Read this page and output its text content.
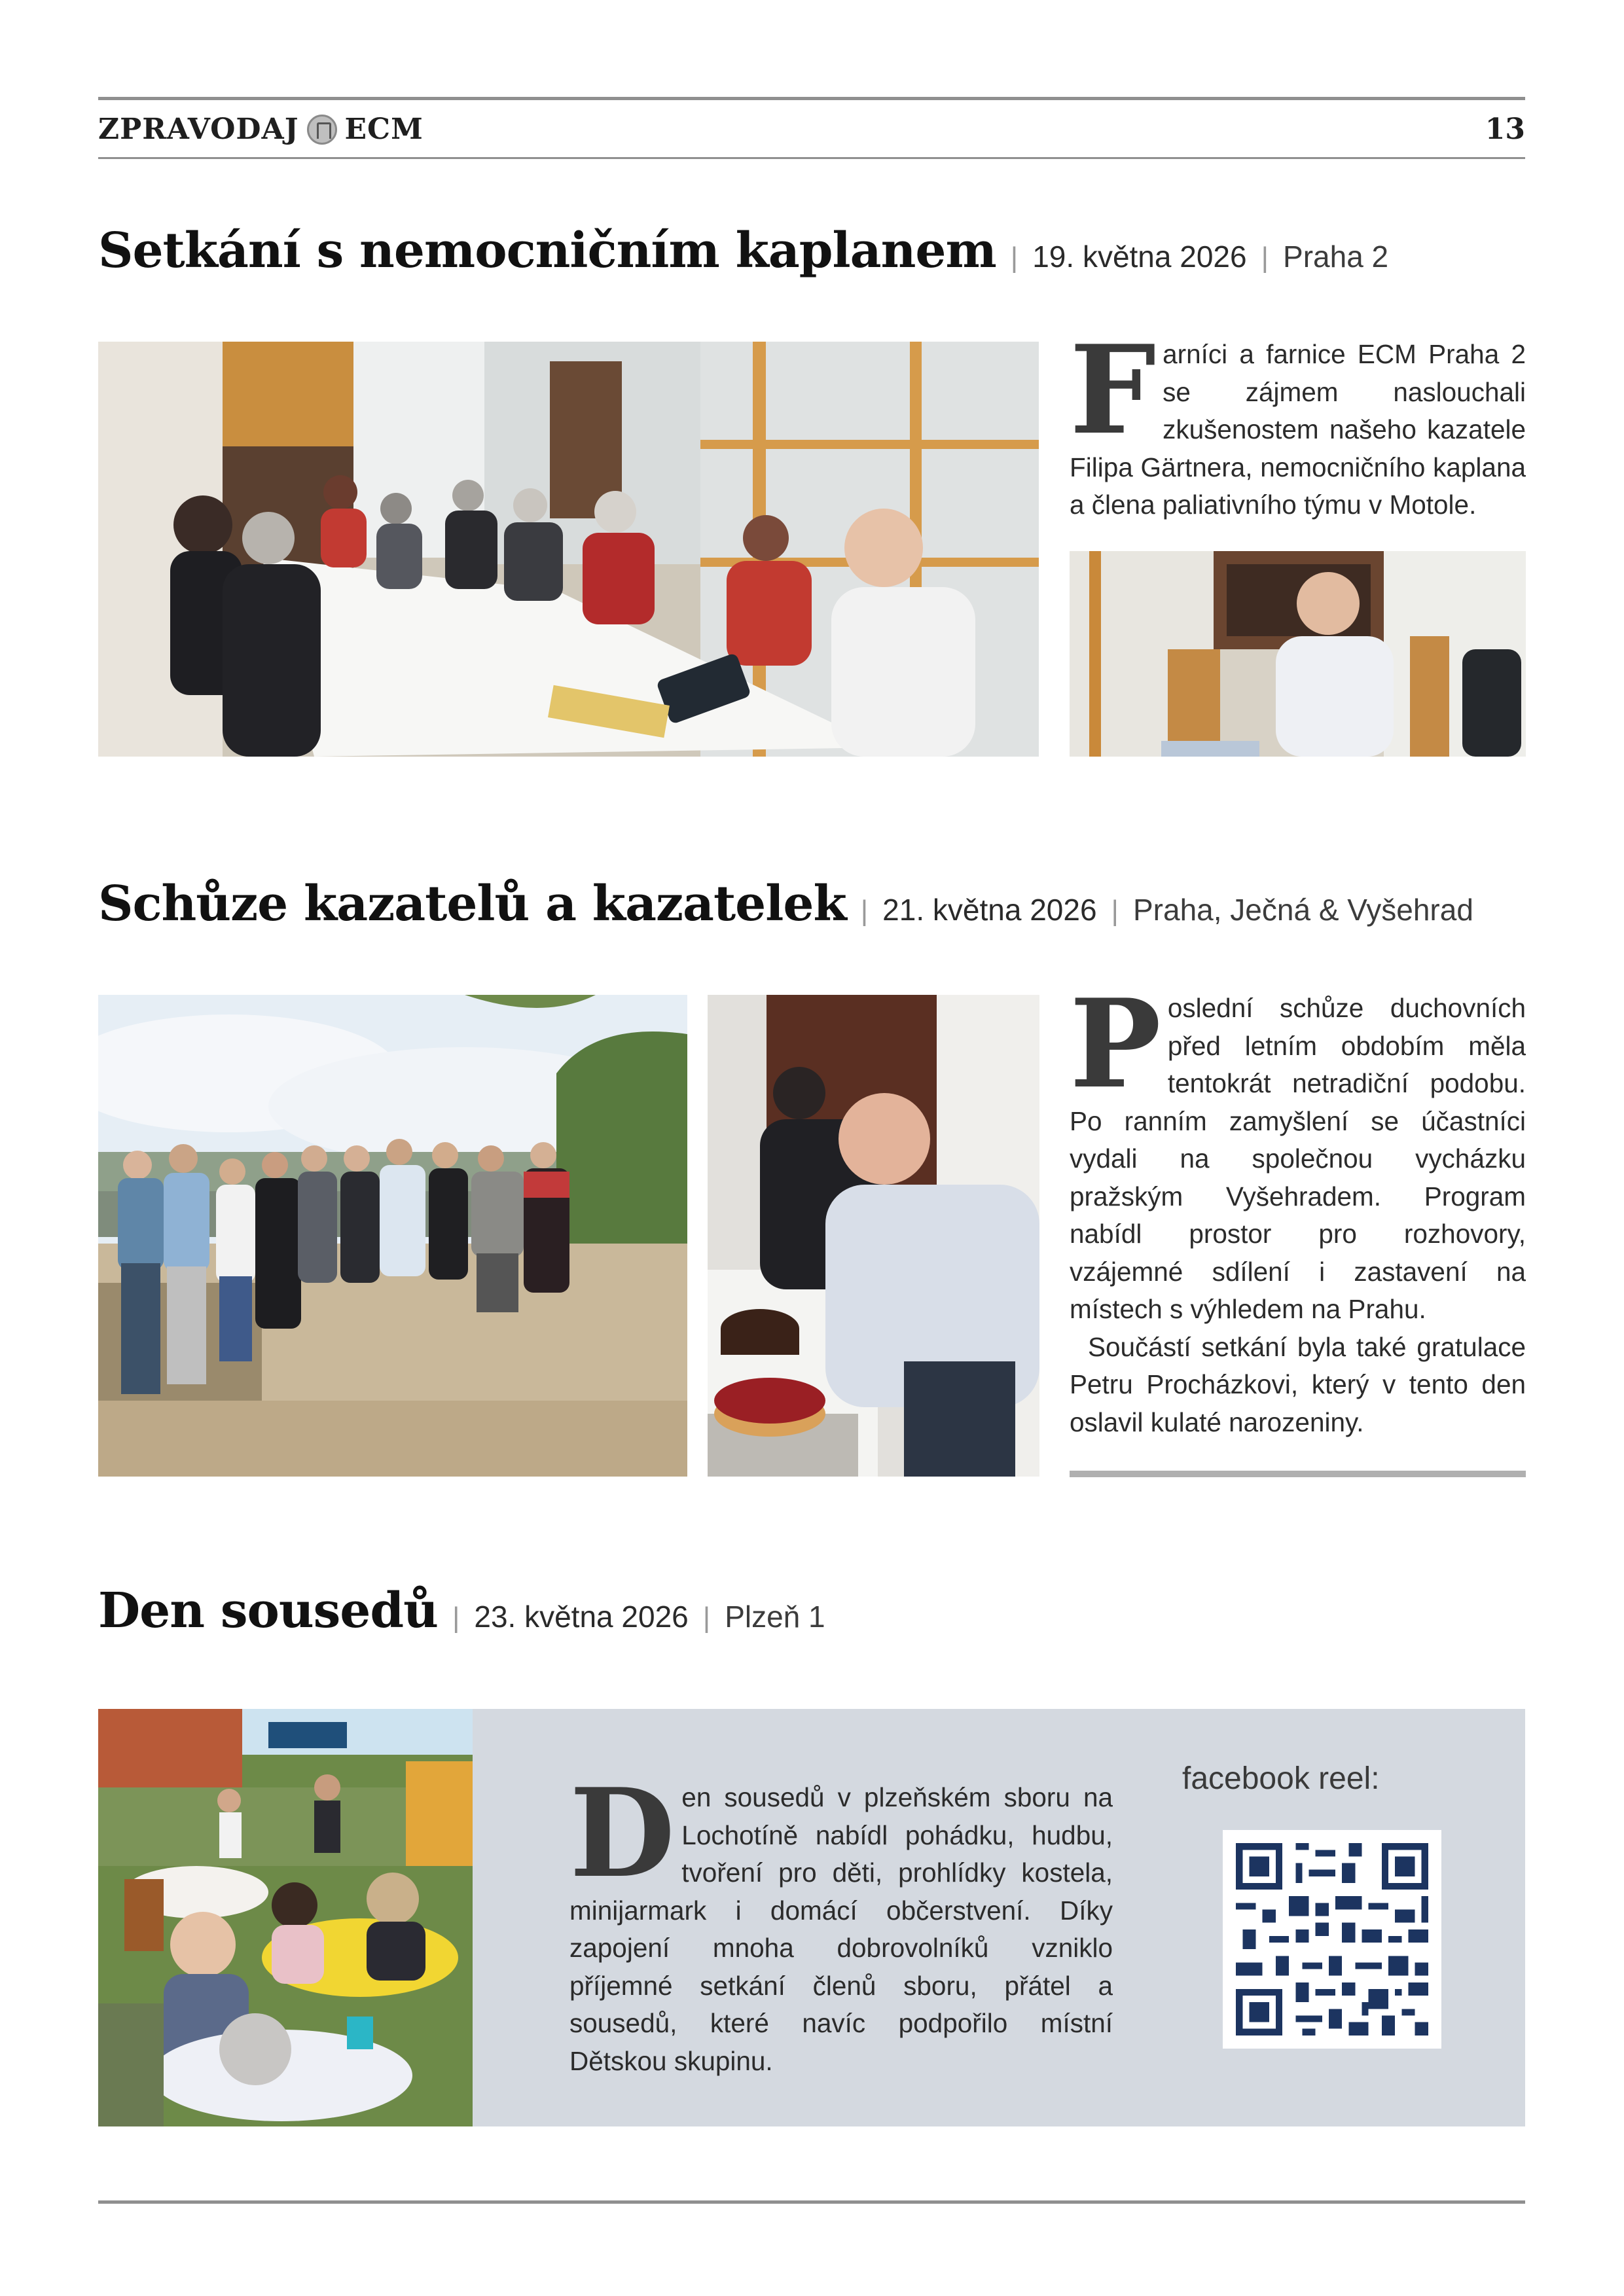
ZPRAVODAJ ECM	13
Setkání s nemocničním kaplanem | 19. května 2026 | Praha 2
F arníci a farnice ECM Praha 2 se zájmem naslouchali zkušenostem našeho kazatele Filipa Gärtnera, nemocničního kaplana a člena paliativního týmu v Motole.

Schůze kazatelů a kazatelek | 21. května 2026 | Praha, Ječná & Vyšehrad
P oslední schůze duchovních před letním obdobím měla tentokrát netradiční podobu. Po ranním zamyšlení se účastníci vydali na společnou vycházku pražským Vyšehradem. Program nabídl prostor pro rozhovory, vzájemné sdílení i zastavení na místech s výhledem na Prahu.

Součástí setkání byla také gratulace Petru Procházkovi, který v tento den oslavil kulaté narozeniny.

Den sousedů | 23. května 2026 | Plzeň 1
D en sousedů v plzeňském sboru na Lochotíně nabídl pohádku, hudbu, tvoření pro děti, prohlídky kostela, minijarmark i domácí občerstvení. Díky zapojení mnoha dobrovolníků vzniklo příjemné setkání členů sboru, přátel a sousedů, které navíc podpořilo místní Dětskou skupinu.

facebook reel:
